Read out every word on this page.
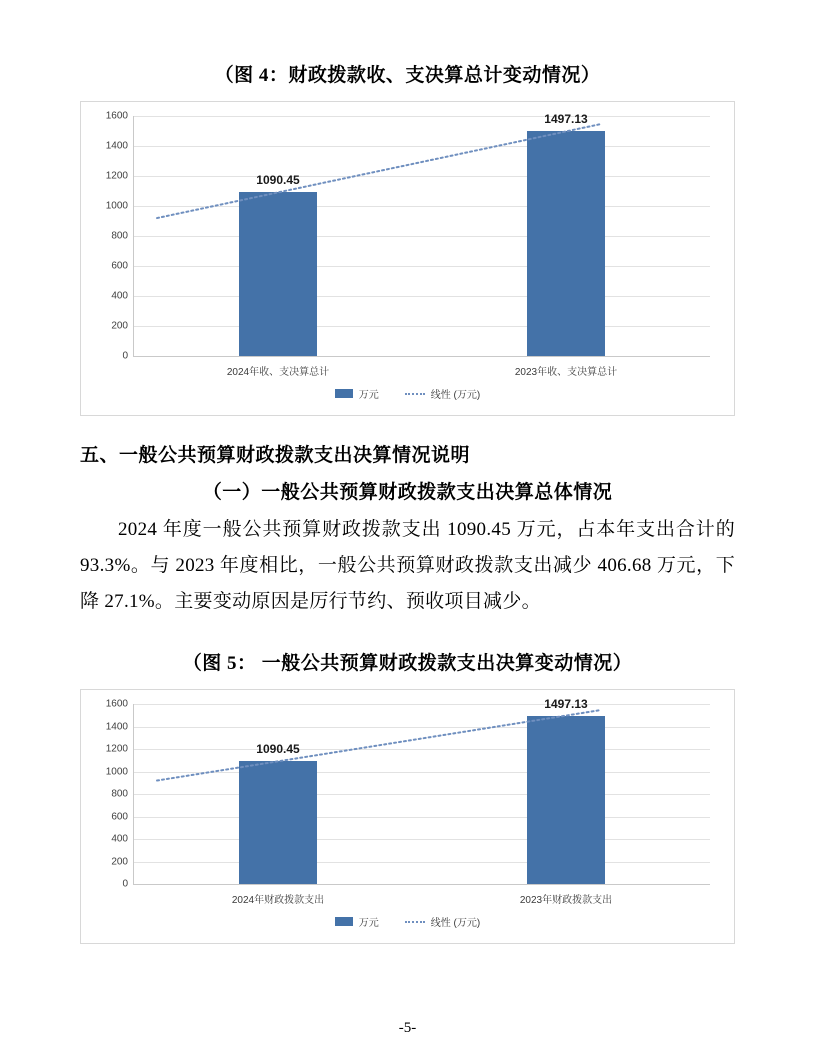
（图 4：财政拨款收、支决算总计变动情况）
0
200
400
600
800
1000
1200
1400
1600
1090.45
2024年收、支决算总计
1497.13
2023年收、支决算总计
万元	线性 (万元)
五、一般公共预算财政拨款支出决算情况说明
（一）一般公共预算财政拨款支出决算总体情况

2024 年度一般公共预算财政拨款支出 1090.45 万元，占本年支出合计的 93.3%。与 2023 年度相比，一般公共预算财政拨款支出减少 406.68 万元，下降 27.1%。主要变动原因是厉行节约、预收项目减少。

（图 5： 一般公共预算财政拨款支出决算变动情况）
0
200
400
600
800
1000
1200
1400
1600
1090.45
2024年财政拨款支出
1497.13
2023年财政拨款支出
万元	线性 (万元)
-5-
